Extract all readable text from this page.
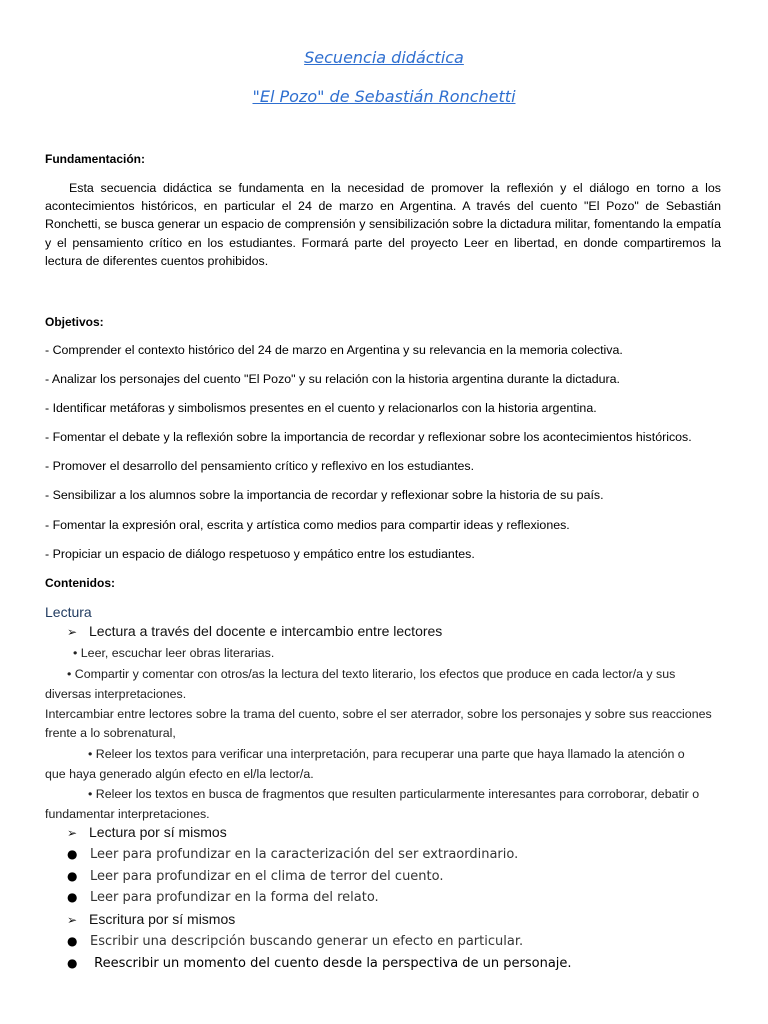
Secuencia didáctica
"El Pozo" de Sebastián Ronchetti
Fundamentación:
Esta secuencia didáctica se fundamenta en la necesidad de promover la reflexión y el diálogo en torno a los acontecimientos históricos, en particular el 24 de marzo en Argentina. A través del cuento "El Pozo" de Sebastián Ronchetti, se busca generar un espacio de comprensión y sensibilización sobre la dictadura militar, fomentando la empatía y el pensamiento crítico en los estudiantes. Formará parte del proyecto Leer en libertad, en donde compartiremos la lectura de diferentes cuentos prohibidos.
Objetivos:
- Comprender el contexto histórico del 24 de marzo en Argentina y su relevancia en la memoria colectiva.
- Analizar los personajes del cuento "El Pozo" y su relación con la historia argentina durante la dictadura.
- Identificar metáforas y simbolismos presentes en el cuento y relacionarlos con la historia argentina.
- Fomentar el debate y la reflexión sobre la importancia de recordar y reflexionar sobre los acontecimientos históricos.
- Promover el desarrollo del pensamiento crítico y reflexivo en los estudiantes.
- Sensibilizar a los alumnos sobre la importancia de recordar y reflexionar sobre la historia de su país.
- Fomentar la expresión oral, escrita y artística como medios para compartir ideas y reflexiones.
- Propiciar un espacio de diálogo respetuoso y empático entre los estudiantes.
Contenidos:
Lectura
➢ Lectura a través del docente e intercambio entre lectores
• Leer, escuchar leer obras literarias.
• Compartir y comentar con otros/as la lectura del texto literario, los efectos que produce en cada lector/a y sus
diversas interpretaciones.
Intercambiar entre lectores sobre la trama del cuento, sobre el ser aterrador, sobre los personajes y sobre sus reacciones
frente a lo sobrenatural,
• Releer los textos para verificar una interpretación, para recuperar una parte que haya llamado la atención o
que haya generado algún efecto en el/la lector/a.
• Releer los textos en busca de fragmentos que resulten particularmente interesantes para corroborar, debatir o
fundamentar interpretaciones.
➢ Lectura por sí mismos
● Leer para profundizar en la caracterización del ser extraordinario.
● Leer para profundizar en el clima de terror del cuento.
● Leer para profundizar en la forma del relato.
➢ Escritura por sí mismos
● Escribir una descripción buscando generar un efecto en particular.
● Reescribir un momento del cuento desde la perspectiva de un personaje.
